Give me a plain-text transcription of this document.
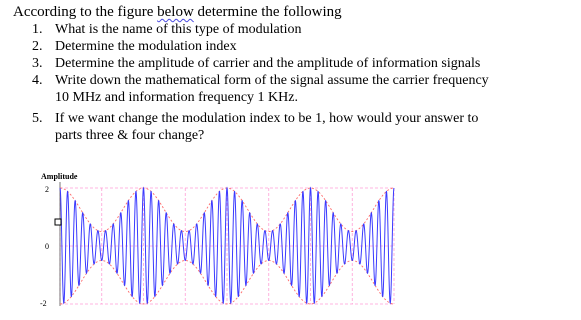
According to the figure below determine the following
1. What is the name of this type of modulation
2. Determine the modulation index
3. Determine the amplitude of carrier and the amplitude of information signals
4. Write down the mathematical form of the signal assume the carrier frequency
10 MHz and information frequency 1 KHz.
5. If we want change the modulation index to be 1, how would your answer to
parts three & four change?
Amplitude
2
0
-2
